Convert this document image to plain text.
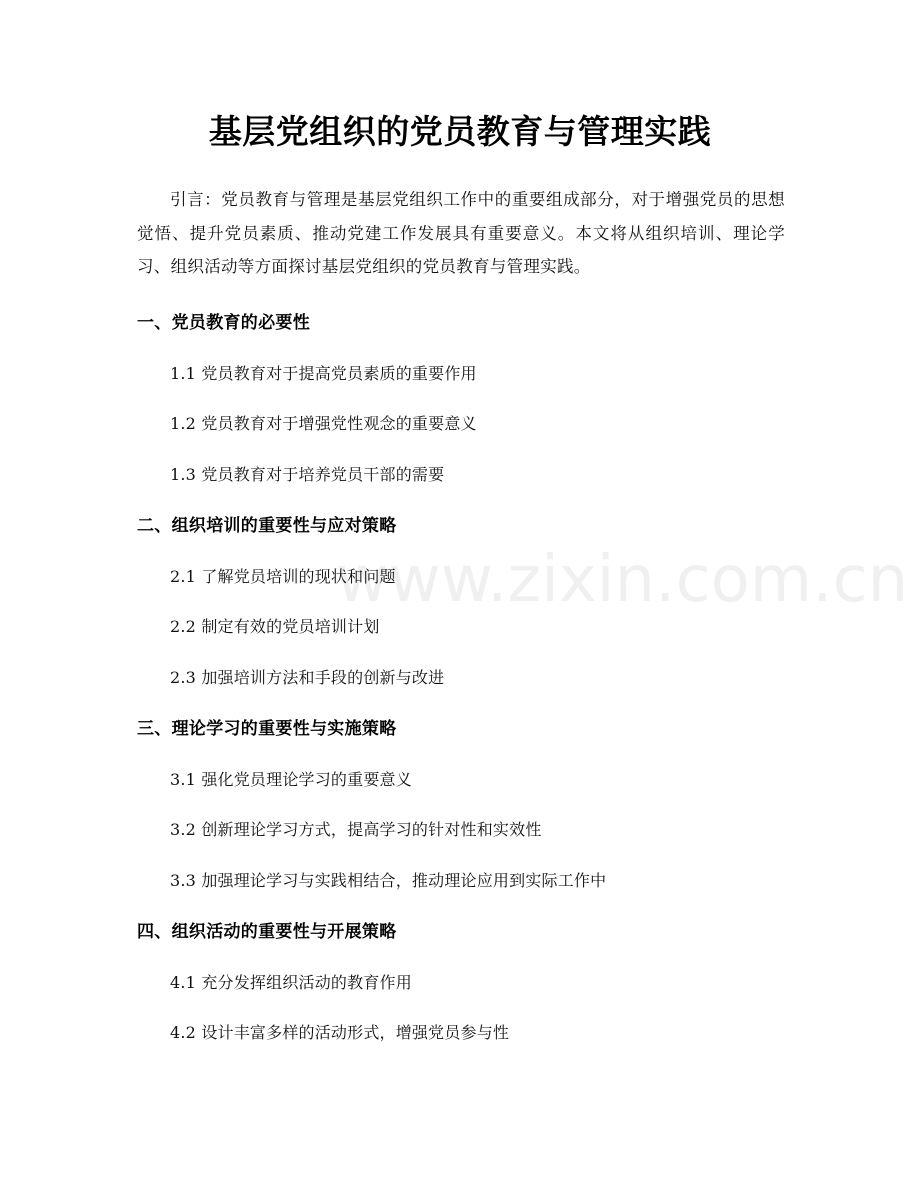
基层党组织的党员教育与管理实践
引言：党员教育与管理是基层党组织工作中的重要组成部分，对于增强党员的思想觉悟、提升党员素质、推动党建工作发展具有重要意义。本文将从组织培训、理论学习、组织活动等方面探讨基层党组织的党员教育与管理实践。
一、党员教育的必要性
1.1 党员教育对于提高党员素质的重要作用
1.2 党员教育对于增强党性观念的重要意义
1.3 党员教育对于培养党员干部的需要
二、组织培训的重要性与应对策略
2.1 了解党员培训的现状和问题
2.2 制定有效的党员培训计划
2.3 加强培训方法和手段的创新与改进
三、理论学习的重要性与实施策略
3.1 强化党员理论学习的重要意义
3.2 创新理论学习方式，提高学习的针对性和实效性
3.3 加强理论学习与实践相结合，推动理论应用到实际工作中
四、组织活动的重要性与开展策略
4.1 充分发挥组织活动的教育作用
4.2 设计丰富多样的活动形式，增强党员参与性
www.zixin.com.cn
